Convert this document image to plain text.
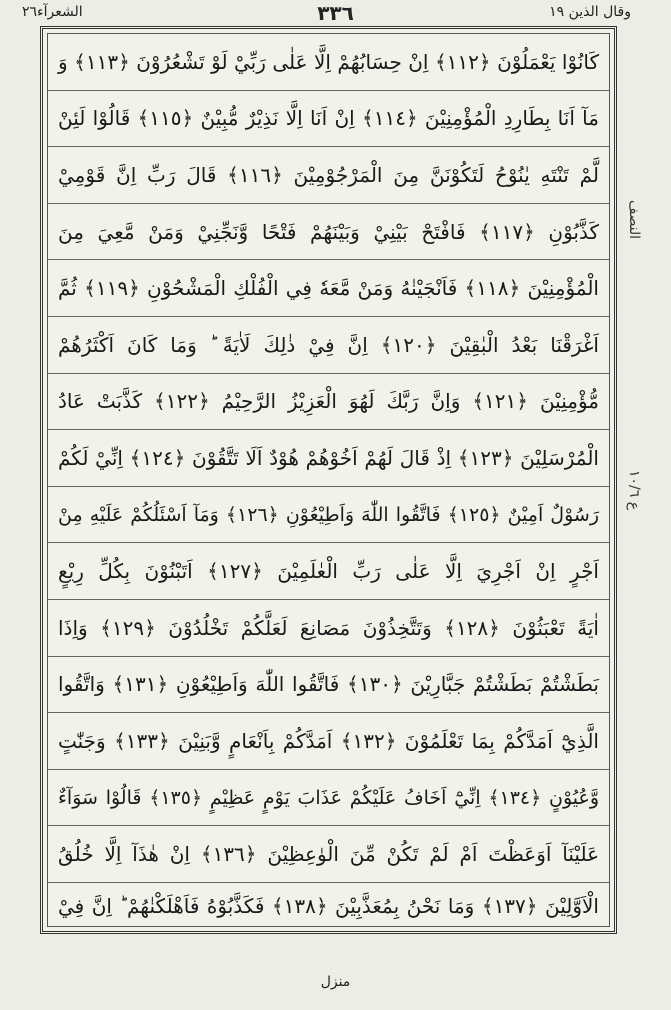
الشعرآء٢٦	٣٣٦	وقال الذين ١٩
كَانُوْا يَعْمَلُوْنَ ﴿١١٢﴾ اِنْ حِسَابُهُمْ اِلَّا عَلٰى رَبِّيْ لَوْ تَشْعُرُوْنَ ﴿١١٣﴾ وَ
مَآ اَنَا بِطَارِدِ الْمُؤْمِنِيْنَ ﴿١١٤﴾ اِنْ اَنَا اِلَّا نَذِيْرٌ مُّبِيْنٌ ﴿١١٥﴾ قَالُوْا لَئِنْ
لَّمْ تَنْتَهِ يٰنُوْحُ لَتَكُوْنَنَّ مِنَ الْمَرْجُوْمِيْنَ ﴿١١٦﴾ قَالَ رَبِّ اِنَّ قَوْمِيْ
كَذَّبُوْنِ ﴿١١٧﴾ فَافْتَحْ بَيْنِيْ وَبَيْنَهُمْ فَتْحًا وَّنَجِّنِيْ وَمَنْ مَّعِيَ مِنَ
الْمُؤْمِنِيْنَ ﴿١١٨﴾ فَاَنْجَيْنٰهُ وَمَنْ مَّعَهٗ فِي الْفُلْكِ الْمَشْحُوْنِ ﴿١١٩﴾ ثُمَّ
اَغْرَقْنَا بَعْدُ الْبٰقِيْنَ ﴿١٢٠﴾ اِنَّ فِيْ ذٰلِكَ لَاٰيَةً ؕ وَمَا كَانَ اَكْثَرُهُمْ
مُّؤْمِنِيْنَ ﴿١٢١﴾ وَاِنَّ رَبَّكَ لَهُوَ الْعَزِيْزُ الرَّحِيْمُ ﴿١٢٢﴾ كَذَّبَتْ عَادُ
الْمُرْسَلِيْنَ ﴿١٢٣﴾ اِذْ قَالَ لَهُمْ اَخُوْهُمْ هُوْدٌ اَلَا تَتَّقُوْنَ ﴿١٢٤﴾ اِنِّيْ لَكُمْ
رَسُوْلٌ اَمِيْنٌ ﴿١٢٥﴾ فَاتَّقُوا اللّٰهَ وَاَطِيْعُوْنِ ﴿١٢٦﴾ وَمَآ اَسْئَلُكُمْ عَلَيْهِ مِنْ
اَجْرٍ اِنْ اَجْرِيَ اِلَّا عَلٰى رَبِّ الْعٰلَمِيْنَ ﴿١٢٧﴾ اَتَبْنُوْنَ بِكُلِّ رِيْعٍ
اٰيَةً تَعْبَثُوْنَ ﴿١٢٨﴾ وَتَتَّخِذُوْنَ مَصَانِعَ لَعَلَّكُمْ تَخْلُدُوْنَ ﴿١٢٩﴾ وَاِذَا
بَطَشْتُمْ بَطَشْتُمْ جَبَّارِيْنَ ﴿١٣٠﴾ فَاتَّقُوا اللّٰهَ وَاَطِيْعُوْنِ ﴿١٣١﴾ وَاتَّقُوا
الَّذِيْٓ اَمَدَّكُمْ بِمَا تَعْلَمُوْنَ ﴿١٣٢﴾ اَمَدَّكُمْ بِاَنْعَامٍ وَّبَنِيْنَ ﴿١٣٣﴾ وَجَنّٰتٍ
وَّعُيُوْنٍ ﴿١٣٤﴾ اِنِّيْٓ اَخَافُ عَلَيْكُمْ عَذَابَ يَوْمٍ عَظِيْمٍ ﴿١٣٥﴾ قَالُوْا سَوَآءٌ
عَلَيْنَآ اَوَعَظْتَ اَمْ لَمْ تَكُنْ مِّنَ الْوٰعِظِيْنَ ﴿١٣٦﴾ اِنْ هٰذَآ اِلَّا خُلُقُ
الْاَوَّلِيْنَ ﴿١٣٧﴾ وَمَا نَحْنُ بِمُعَذَّبِيْنَ ﴿١٣٨﴾ فَكَذَّبُوْهُ فَاَهْلَكْنٰهُمْ ؕ اِنَّ فِيْ
النصف
ع ١٠/٦
منزل
